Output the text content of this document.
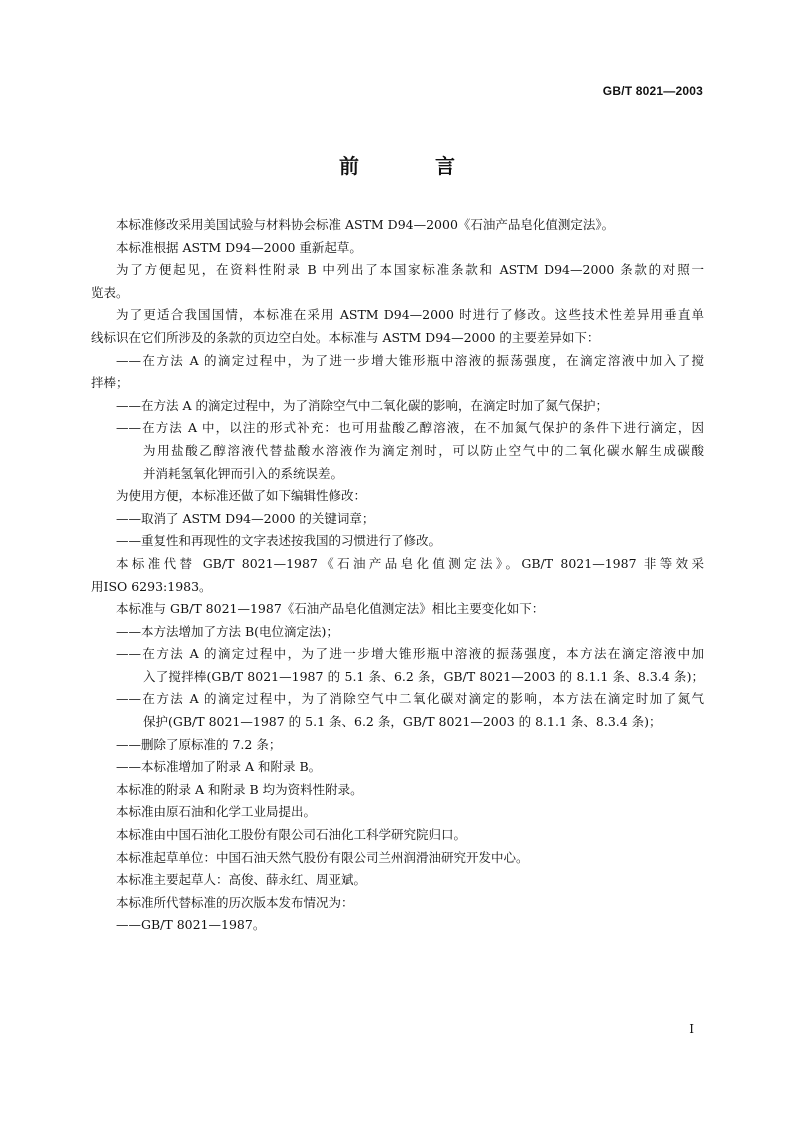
GB/T 8021—2003
前　言
本标准修改采用美国试验与材料协会标准 ASTM D94—2000《石油产品皂化值测定法》。
本标准根据 ASTM D94—2000 重新起草。
为了方便起见，在资料性附录 B 中列出了本国家标准条款和 ASTM D94—2000 条款的对照一
览表。
为了更适合我国国情，本标准在采用 ASTM D94—2000 时进行了修改。这些技术性差异用垂直单
线标识在它们所涉及的条款的页边空白处。本标准与 ASTM D94—2000 的主要差异如下：
——在方法 A 的滴定过程中，为了进一步增大锥形瓶中溶液的振荡强度，在滴定溶液中加入了搅
拌棒；
——在方法 A 的滴定过程中，为了消除空气中二氧化碳的影响，在滴定时加了氮气保护；
——在方法 A 中，以注的形式补充：也可用盐酸乙醇溶液，在不加氮气保护的条件下进行滴定，因
为用盐酸乙醇溶液代替盐酸水溶液作为滴定剂时，可以防止空气中的二氧化碳水解生成碳酸
并消耗氢氧化钾而引入的系统误差。
为使用方便，本标准还做了如下编辑性修改：
——取消了 ASTM D94—2000 的关键词章；
——重复性和再现性的文字表述按我国的习惯进行了修改。
本标准代替 GB/T 8021—1987《石油产品皂化值测定法》。GB/T 8021—1987 非等效采
用ISO 6293:1983。
本标准与 GB/T 8021—1987《石油产品皂化值测定法》相比主要变化如下：
——本方法增加了方法 B(电位滴定法)；
——在方法 A 的滴定过程中，为了进一步增大锥形瓶中溶液的振荡强度，本方法在滴定溶液中加
入了搅拌棒(GB/T 8021—1987 的 5.1 条、6.2 条，GB/T 8021—2003 的 8.1.1 条、8.3.4 条)；
——在方法 A 的滴定过程中，为了消除空气中二氧化碳对滴定的影响，本方法在滴定时加了氮气
保护(GB/T 8021—1987 的 5.1 条、6.2 条，GB/T 8021—2003 的 8.1.1 条、8.3.4 条)；
——删除了原标准的 7.2 条；
——本标准增加了附录 A 和附录 B。
本标准的附录 A 和附录 B 均为资料性附录。
本标准由原石油和化学工业局提出。
本标准由中国石油化工股份有限公司石油化工科学研究院归口。
本标准起草单位：中国石油天然气股份有限公司兰州润滑油研究开发中心。
本标准主要起草人：高俊、薛永红、周亚斌。
本标准所代替标准的历次版本发布情况为：
——GB/T 8021—1987。
I
